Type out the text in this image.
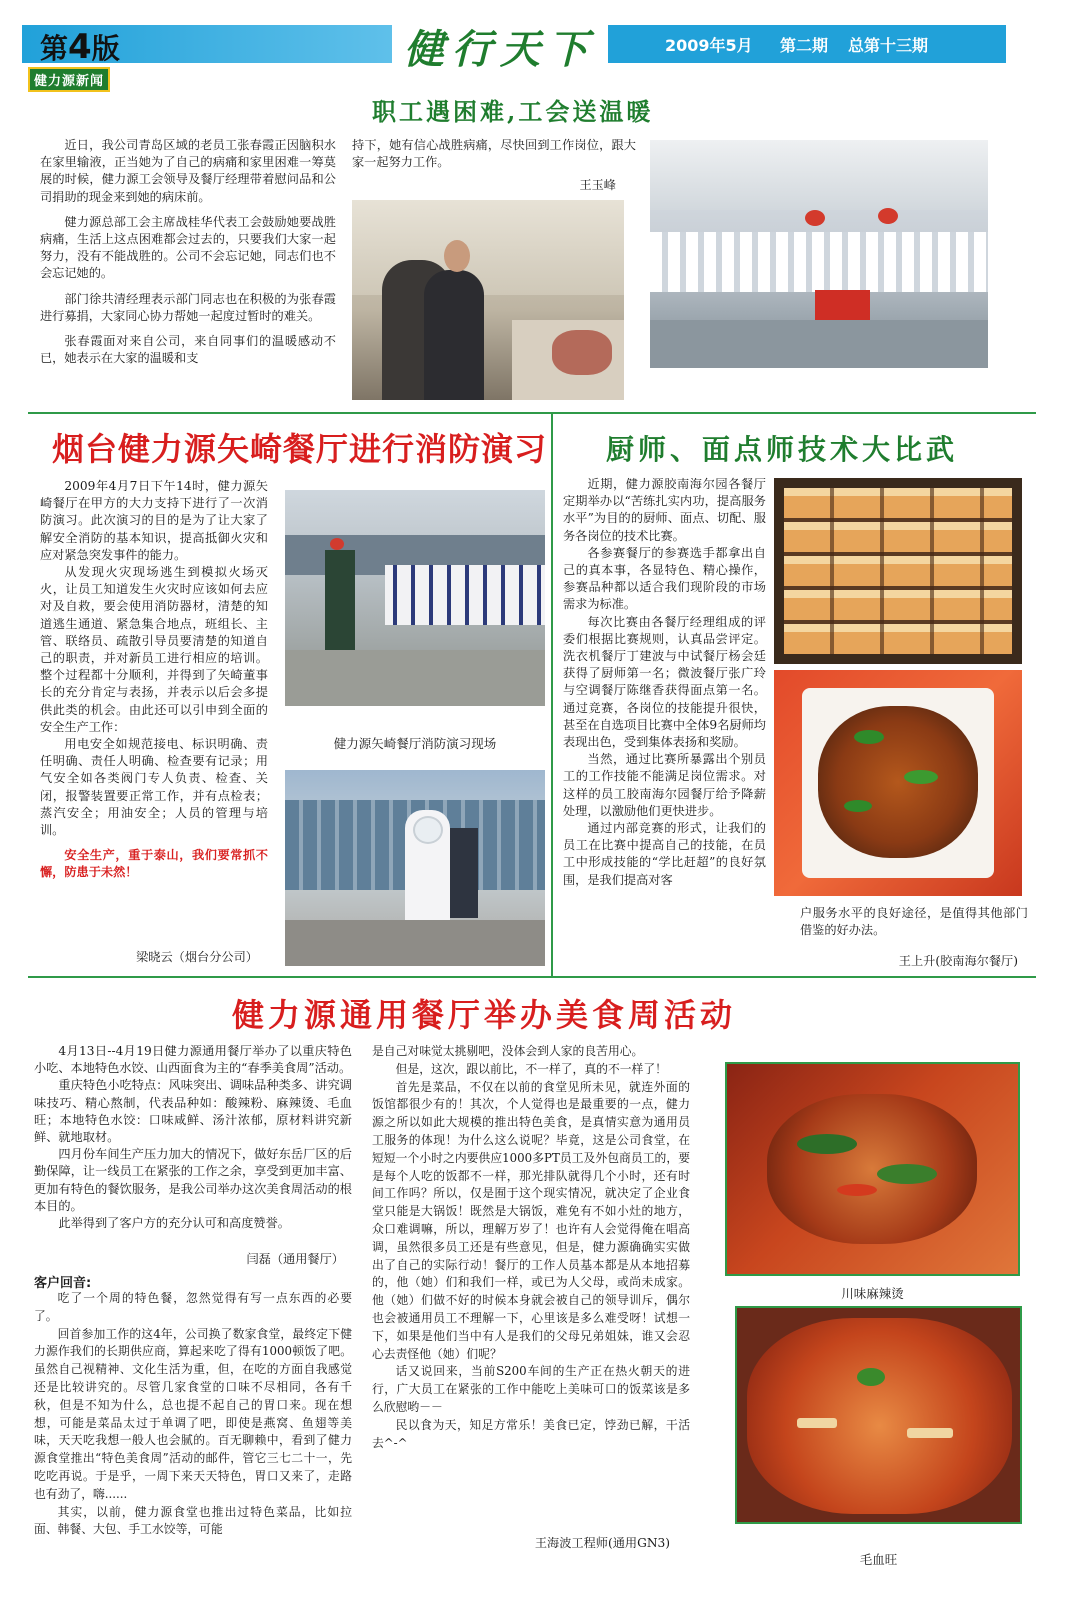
第4版
健力源新闻
健行天下	2009年5月 第二期 总第十三期
职工遇困难,工会送温暖

近日，我公司青岛区域的老员工张春霞正因脑积水在家里输液，正当她为了自己的病痛和家里困难一筹莫展的时候，健力源工会领导及餐厅经理带着慰问品和公司捐助的现金来到她的病床前。

健力源总部工会主席战桂华代表工会鼓励她要战胜病痛，生活上这点困难都会过去的，只要我们大家一起努力，没有不能战胜的。公司不会忘记她，同志们也不会忘记她的。

部门徐共清经理表示部门同志也在积极的为张春霞进行募捐，大家同心协力帮她一起度过暂时的难关。

张春霞面对来自公司，来自同事们的温暖感动不已，她表示在大家的温暖和支

持下，她有信心战胜病痛，尽快回到工作岗位，跟大家一起努力工作。
王玉峰
烟台健力源矢崎餐厅进行消防演习

2009年4月7日下午14时，健力源矢崎餐厅在甲方的大力支持下进行了一次消防演习。此次演习的目的是为了让大家了解安全消防的基本知识，提高抵御火灾和应对紧急突发事件的能力。

从发现火灾现场逃生到模拟火场灭火，让员工知道发生火灾时应该如何去应对及自救，要会使用消防器材，清楚的知道逃生通道、紧急集合地点，班组长、主管、联络员、疏散引导员要清楚的知道自己的职责，并对新员工进行相应的培训。整个过程都十分顺利，并得到了矢崎董事长的充分肯定与表扬，并表示以后会多提供此类的机会。由此还可以引申到全面的安全生产工作：

用电安全如规范接电、标识明确、责任明确、责任人明确、检查要有记录；用气安全如各类阀门专人负责、检查、关闭，报警装置要正常工作，并有点检表；蒸汽安全；用油安全；人员的管理与培训。

安全生产，重于泰山，我们要常抓不懈，防患于未然！

梁晓云（烟台分公司）
健力源矢崎餐厅消防演习现场
厨师、面点师技术大比武

近期，健力源胶南海尔园各餐厅定期举办以“苦练扎实内功，提高服务水平”为目的的厨师、面点、切配、服务各岗位的技术比赛。

各参赛餐厅的参赛选手都拿出自己的真本事，各显特色、精心操作，参赛品种都以适合我们现阶段的市场需求为标准。

每次比赛由各餐厅经理组成的评委们根据比赛规则，认真品尝评定。洗衣机餐厅丁建波与中试餐厅杨会廷获得了厨师第一名；微波餐厅张广玲与空调餐厅陈继香获得面点第一名。通过竞赛，各岗位的技能提升很快，甚至在自选项目比赛中全体9名厨师均表现出色，受到集体表扬和奖励。

当然，通过比赛所暴露出个别员工的工作技能不能满足岗位需求。对这样的员工胶南海尔园餐厅给予降薪处理，以激励他们更快进步。

通过内部竞赛的形式，让我们的员工在比赛中提高自己的技能，在员工中形成技能的“学比赶超”的良好氛围，是我们提高对客

户服务水平的良好途径，是值得其他部门借鉴的好办法。
王上升(胶南海尔餐厅)
健力源通用餐厅举办美食周活动

4月13日--4月19日健力源通用餐厅举办了以重庆特色小吃、本地特色水饺、山西面食为主的“春季美食周”活动。

重庆特色小吃特点：风味突出、调味品种类多、讲究调味技巧、精心熬制，代表品种如：酸辣粉、麻辣烫、毛血旺；本地特色水饺：口味咸鲜、汤汁浓郁，原材料讲究新鲜、就地取材。

四月份车间生产压力加大的情况下，做好东岳厂区的后勤保障，让一线员工在紧张的工作之余，享受到更加丰富、更加有特色的餐饮服务，是我公司举办这次美食周活动的根本目的。

此举得到了客户方的充分认可和高度赞誉。

闫磊（通用餐厅）
客户回音:

吃了一个周的特色餐，忽然觉得有写一点东西的必要了。

回首参加工作的这4年，公司换了数家食堂，最终定下健力源作我们的长期供应商，算起来吃了得有1000顿饭了吧。虽然自己视精神、文化生活为重，但，在吃的方面自我感觉还是比较讲究的。尽管几家食堂的口味不尽相同，各有千秋，但是不知为什么，总也提不起自己的胃口来。现在想想，可能是菜品太过于单调了吧，即使是燕窝、鱼翅等美味，天天吃我想一般人也会腻的。百无聊赖中，看到了健力源食堂推出“特色美食周”活动的邮件，管它三七二十一，先吃吃再说。于是乎，一周下来天天特色，胃口又来了，走路也有劲了，嗨......

其实，以前，健力源食堂也推出过特色菜品，比如拉面、韩餐、大包、手工水饺等，可能

是自己对味觉太挑剔吧，没体会到人家的良苦用心。

但是，这次，跟以前比，不一样了，真的不一样了！

首先是菜品，不仅在以前的食堂见所未见，就连外面的饭馆都很少有的！其次，个人觉得也是最重要的一点，健力源之所以如此大规模的推出特色美食，是真情实意为通用员工服务的体现！为什么这么说呢？毕竟，这是公司食堂，在短短一个小时之内要供应1000多PT员工及外包商员工的，要是每个人吃的饭都不一样，那光排队就得几个小时，还有时间工作吗？所以，仅是囿于这个现实情况，就决定了企业食堂只能是大锅饭！既然是大锅饭，难免有不如小灶的地方，众口难调嘛，所以，理解万岁了！也许有人会觉得俺在唱高调，虽然很多员工还是有些意见，但是，健力源确确实实做出了自己的实际行动！餐厅的工作人员基本都是从本地招募的，他（她）们和我们一样，或已为人父母，或尚未成家。他（她）们做不好的时候本身就会被自己的领导训斥，偶尔也会被通用员工不理解一下，心里该是多么难受呀！试想一下，如果是他们当中有人是我们的父母兄弟姐妹，谁又会忍心去责怪他（她）们呢？

话又说回来，当前S200车间的生产正在热火朝天的进行，广大员工在紧张的工作中能吃上美味可口的饭菜该是多么欣慰哟－－

民以食为天，知足方常乐！美食已定，饽劲已解，干活去^-^

王海波工程师(通用GN3)
川味麻辣烫
毛血旺
